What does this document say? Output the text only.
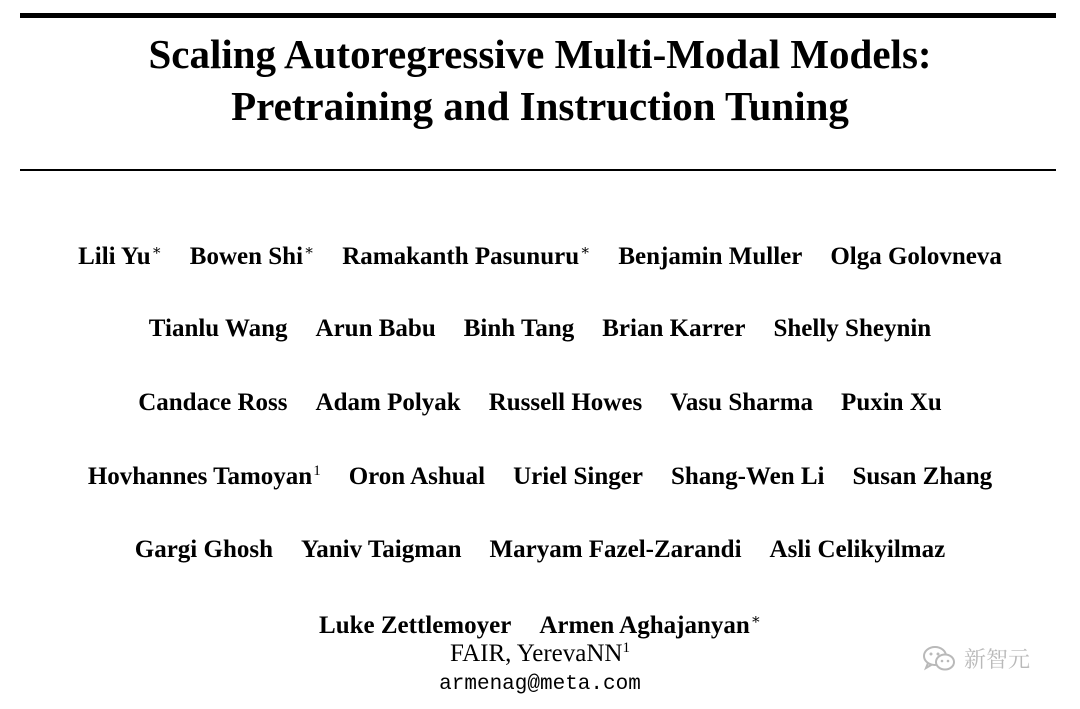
Scaling Autoregressive Multi-Modal Models:
Pretraining and Instruction Tuning
Lili Yu∗ Bowen Shi∗ Ramakanth Pasunuru∗ Benjamin Muller Olga Golovneva
Tianlu Wang Arun Babu Binh Tang Brian Karrer Shelly Sheynin
Candace Ross Adam Polyak Russell Howes Vasu Sharma Puxin Xu
Hovhannes Tamoyan$^1$ Oron Ashual Uriel Singer Shang-Wen Li Susan Zhang
Gargi Ghosh Yaniv Taigman Maryam Fazel-Zarandi Asli Celikyilmaz
Luke Zettlemoyer Armen Aghajanyan∗
FAIR, YerevaNN$^1$
armenag@meta.com
新智元
